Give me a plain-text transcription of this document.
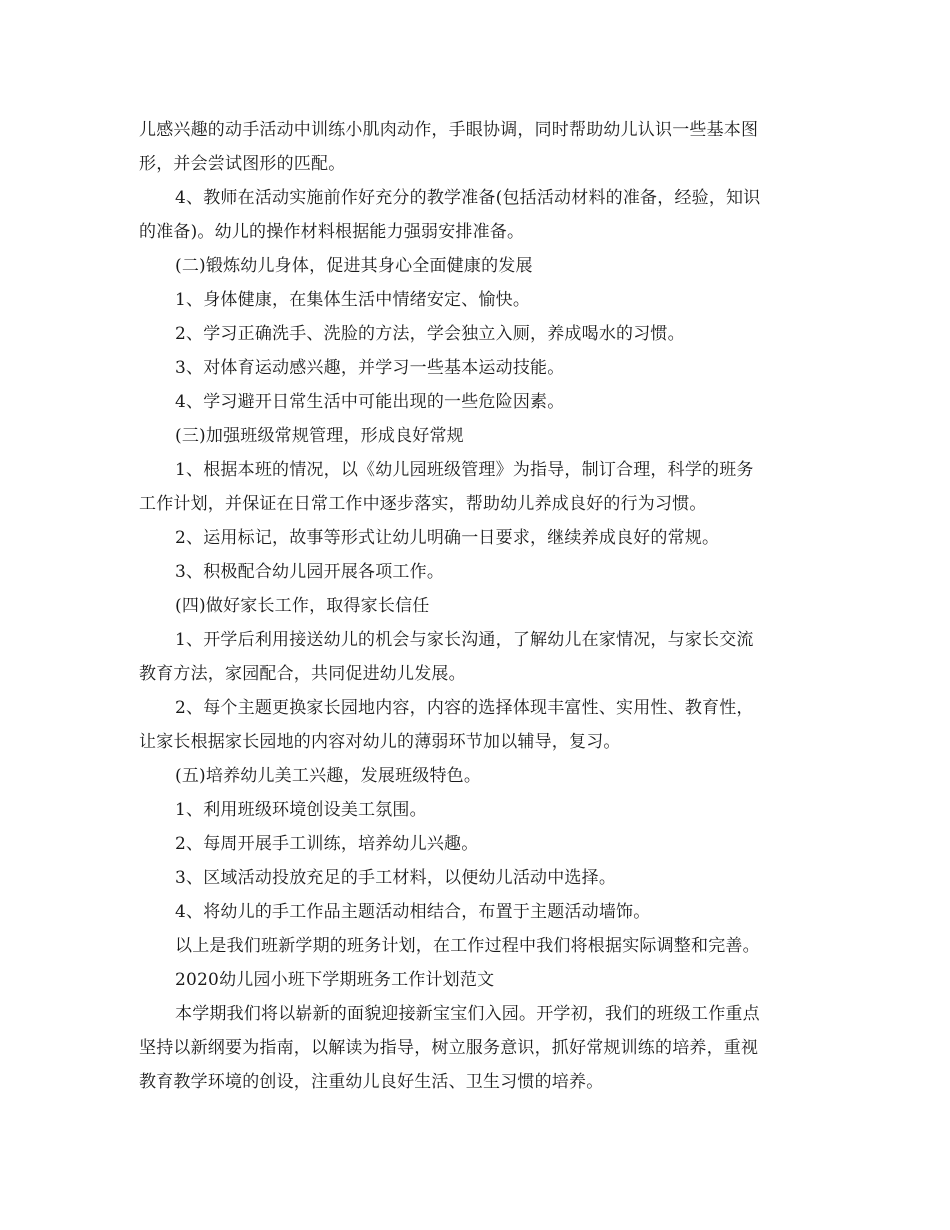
儿感兴趣的动手活动中训练小肌肉动作，手眼协调，同时帮助幼儿认识一些基本图
形，并会尝试图形的匹配。
4、教师在活动实施前作好充分的教学准备(包括活动材料的准备，经验，知识
的准备)。幼儿的操作材料根据能力强弱安排准备。
(二)锻炼幼儿身体，促进其身心全面健康的发展
1、身体健康，在集体生活中情绪安定、愉快。
2、学习正确洗手、洗脸的方法，学会独立入厕，养成喝水的习惯。
3、对体育运动感兴趣，并学习一些基本运动技能。
4、学习避开日常生活中可能出现的一些危险因素。
(三)加强班级常规管理，形成良好常规
1、根据本班的情况，以《幼儿园班级管理》为指导，制订合理，科学的班务
工作计划，并保证在日常工作中逐步落实，帮助幼儿养成良好的行为习惯。
2、运用标记，故事等形式让幼儿明确一日要求，继续养成良好的常规。
3、积极配合幼儿园开展各项工作。
(四)做好家长工作，取得家长信任
1、开学后利用接送幼儿的机会与家长沟通，了解幼儿在家情况，与家长交流
教育方法，家园配合，共同促进幼儿发展。
2、每个主题更换家长园地内容，内容的选择体现丰富性、实用性、教育性，
让家长根据家长园地的内容对幼儿的薄弱环节加以辅导，复习。
(五)培养幼儿美工兴趣，发展班级特色。
1、利用班级环境创设美工氛围。
2、每周开展手工训练，培养幼儿兴趣。
3、区域活动投放充足的手工材料，以便幼儿活动中选择。
4、将幼儿的手工作品主题活动相结合，布置于主题活动墙饰。
以上是我们班新学期的班务计划，在工作过程中我们将根据实际调整和完善。
2020幼儿园小班下学期班务工作计划范文
本学期我们将以崭新的面貌迎接新宝宝们入园。开学初，我们的班级工作重点
坚持以新纲要为指南，以解读为指导，树立服务意识，抓好常规训练的培养，重视
教育教学环境的创设，注重幼儿良好生活、卫生习惯的培养。
